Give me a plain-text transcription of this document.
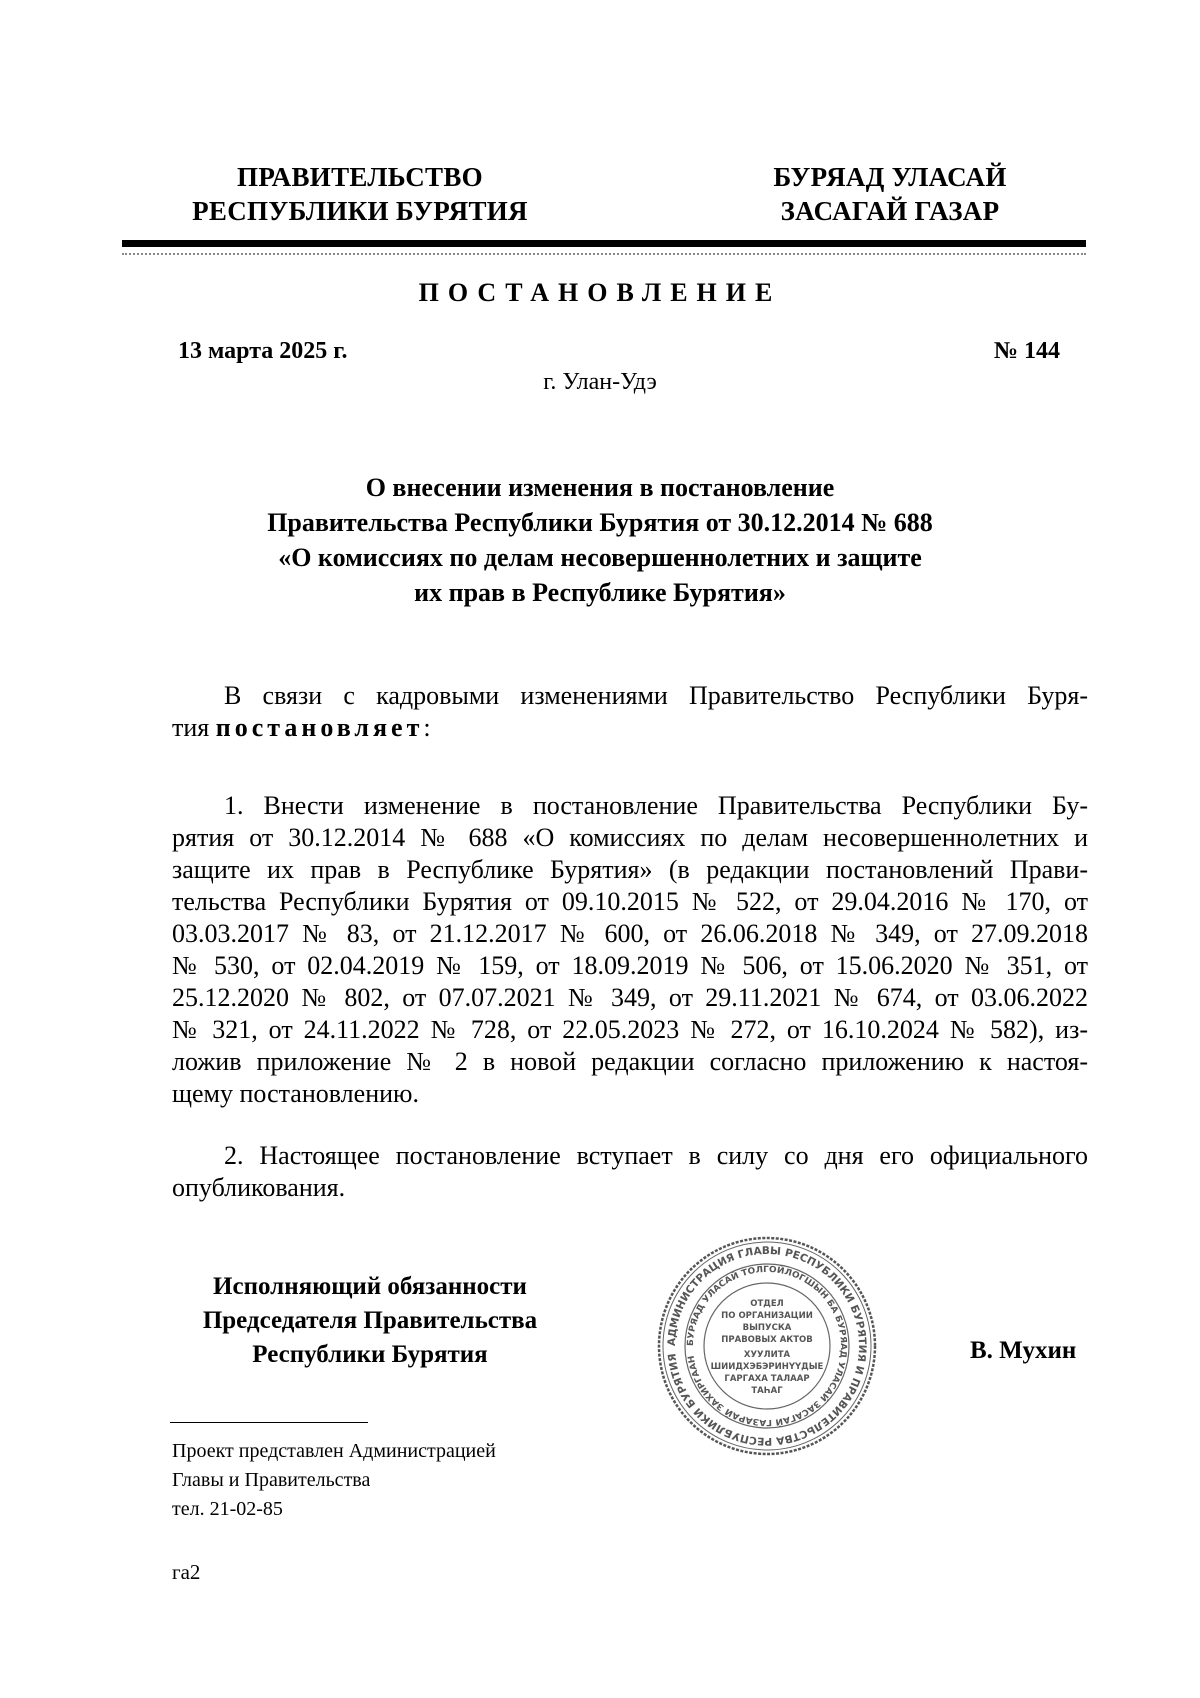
ПРАВИТЕЛЬСТВО
РЕСПУБЛИКИ БУРЯТИЯ
БУРЯАД УЛАСАЙ
ЗАСАГАЙ ГАЗАР
ПОСТАНОВЛЕНИЕ
13 марта 2025 г.	№ 144
г. Улан-Удэ
О внесении изменения в постановление
Правительства Республики Бурятия от 30.12.2014 № 688
«О комиссиях по делам несовершеннолетних и защите
их прав в Республике Бурятия»
В связи с кадровыми изменениями Правительство Республики Буря-
тия постановляет:
1. Внести изменение в постановление Правительства Республики Бу-
рятия от 30.12.2014 № 688 «О комиссиях по делам несовершеннолетних и
защите их прав в Республике Бурятия» (в редакции постановлений Прави-
тельства Республики Бурятия от 09.10.2015 № 522, от 29.04.2016 № 170, от
03.03.2017 № 83, от 21.12.2017 № 600, от 26.06.2018 № 349, от 27.09.2018
№ 530, от 02.04.2019 № 159, от 18.09.2019 № 506, от 15.06.2020 № 351, от
25.12.2020 № 802, от 07.07.2021 № 349, от 29.11.2021 № 674, от 03.06.2022
№ 321, от 24.11.2022 № 728, от 22.05.2023 № 272, от 16.10.2024 № 582), из-
ложив приложение № 2 в новой редакции согласно приложению к настоя-
щему постановлению.
2. Настоящее постановление вступает в силу со дня его официального
опубликования.
Исполняющий обязанности
Председателя Правительства
Республики Бурятия	АДМИНИСТРАЦИЯ ГЛАВЫ РЕСПУБЛИКИ БУРЯТИЯ И ПРАВИТЕЛЬСТВА РЕСПУБЛИКИ БУРЯТИЯ
БУРЯАД УЛАСАЙ ТОЛГОЙЛОГШЫН БА БУРЯАД УЛАСАЙ ЗАСАГАЙ ГАЗАРАЙ ЗАХИРГААН
ОТДЕЛ
ПО ОРГАНИЗАЦИИ
ВЫПУСКА
ПРАВОВЫХ АКТОВ
ХУУЛИТА
ШИИДХЭБЭРИНҮҮДЫЕ
ГАРГАХА ТАЛААР
ТАҺАГ
В. Мухин
Проект представлен Администрацией
Главы и Правительства
тел. 21-02-85
га2
